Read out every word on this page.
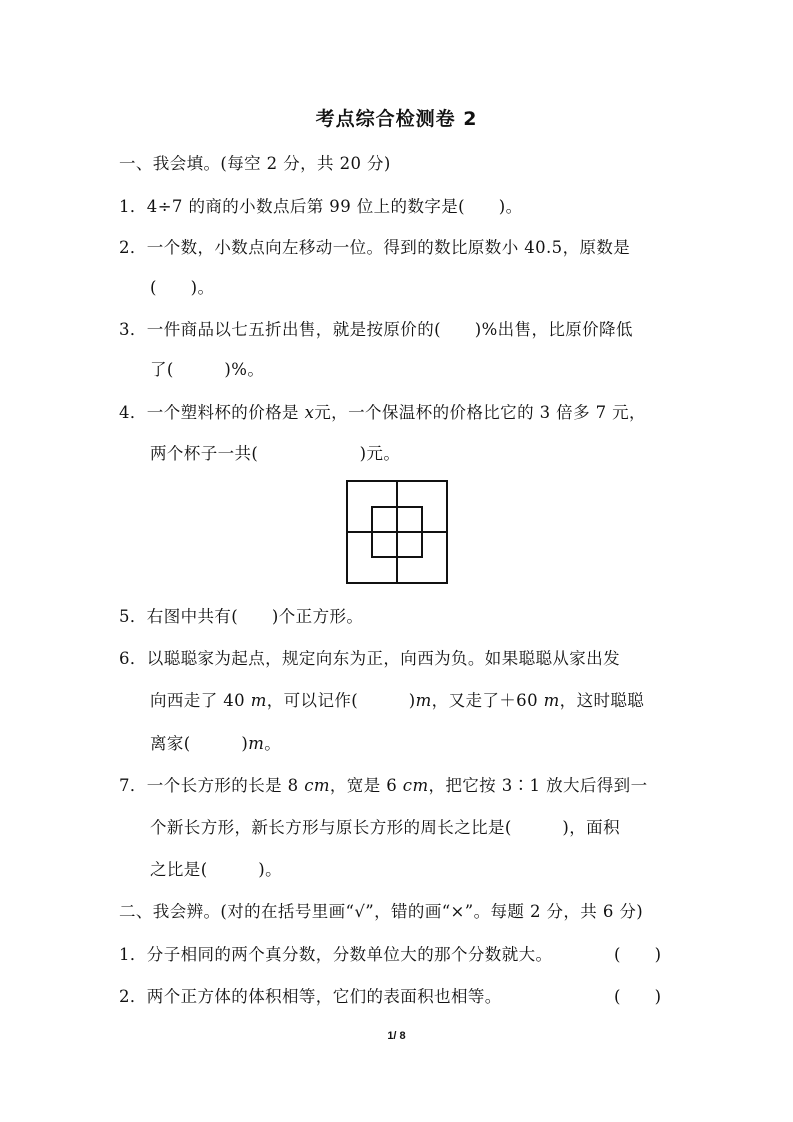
考点综合检测卷 2
一、我会填。(每空 2 分，共 20 分)
1．4÷7 的商的小数点后第 99 位上的数字是(　　)。
2．一个数，小数点向左移动一位。得到的数比原数小 40.5，原数是
(　　)。
3．一件商品以七五折出售，就是按原价的(　　)%出售，比原价降低
了(　　　)%。
4．一个塑料杯的价格是 x元，一个保温杯的价格比它的 3 倍多 7 元，
两个杯子一共(　　　　　　)元。
5．右图中共有(　　)个正方形。
6．以聪聪家为起点，规定向东为正，向西为负。如果聪聪从家出发
向西走了 40 m，可以记作(　　　)m，又走了＋60 m，这时聪聪
离家(　　　)m。
7．一个长方形的长是 8 cm，宽是 6 cm，把它按 3∶1 放大后得到一
个新长方形，新长方形与原长方形的周长之比是(　　　)，面积
之比是(　　　)。
二、我会辨。(对的在括号里画“√”，错的画“×”。每题 2 分，共 6 分)
1．分子相同的两个真分数，分数单位大的那个分数就大。	(　　)
2．两个正方体的体积相等，它们的表面积也相等。	(　　)
1/ 8
